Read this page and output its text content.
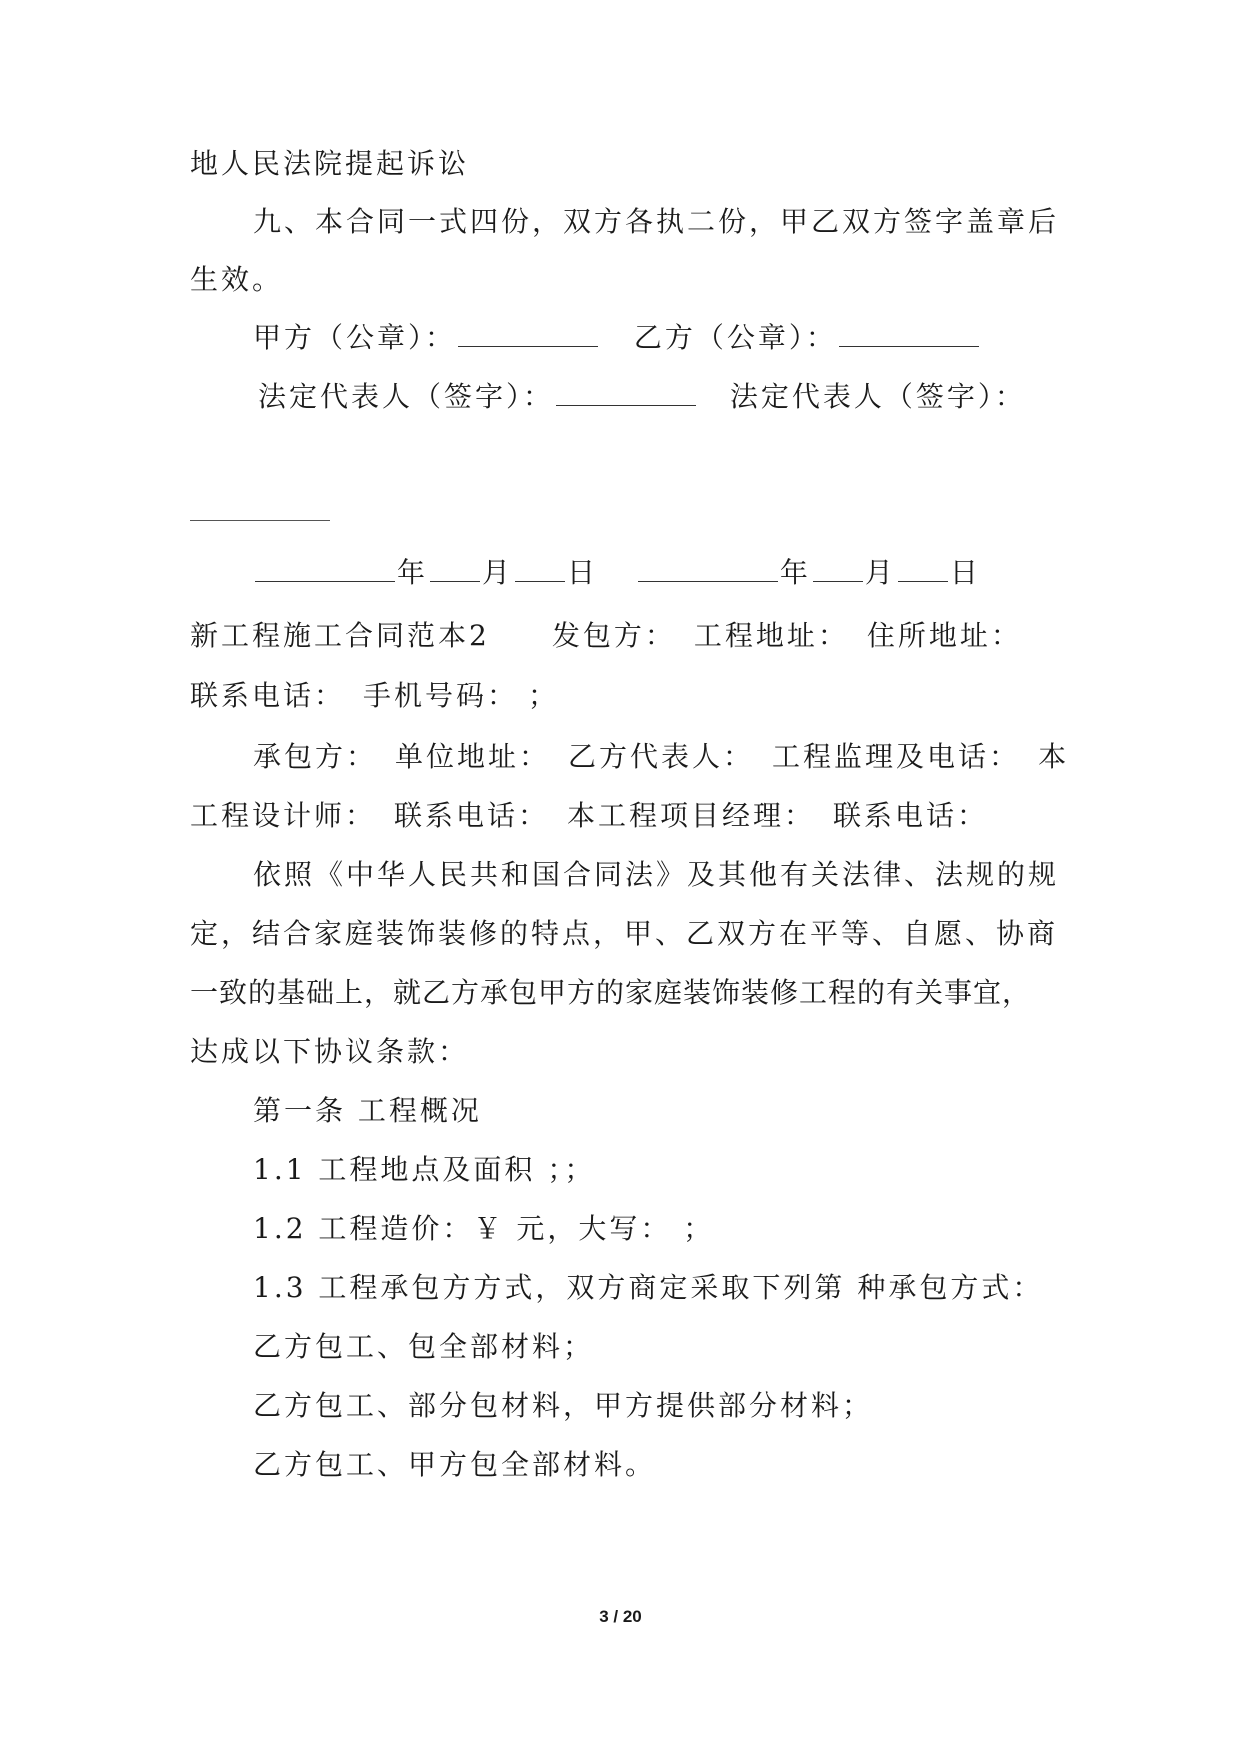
地人民法院提起诉讼
九、本合同一式四份，双方各执二份，甲乙双方签字盖章后
生效。
甲方（公章）：	乙方（公章）：
法定代表人（签字）：	法定代表人（签字）：
年 月 日	年 月 日
新工程施工合同范本2 发包方： 工程地址： 住所地址：
联系电话： 手机号码： ；
承包方： 单位地址： 乙方代表人： 工程监理及电话： 本
工程设计师： 联系电话： 本工程项目经理： 联系电话：
依照《中华人民共和国合同法》及其他有关法律、法规的规
定，结合家庭装饰装修的特点，甲、乙双方在平等、自愿、协商
一致的基础上，就乙方承包甲方的家庭装饰装修工程的有关事宜，
达成以下协议条款：
第一条 工程概况
1.1 工程地点及面积 ；；
1.2 工程造价：￥ 元，大写： ；
1.3 工程承包方方式，双方商定采取下列第 种承包方式：
乙方包工、包全部材料；
乙方包工、部分包材料，甲方提供部分材料；
乙方包工、甲方包全部材料。
3 / 20
